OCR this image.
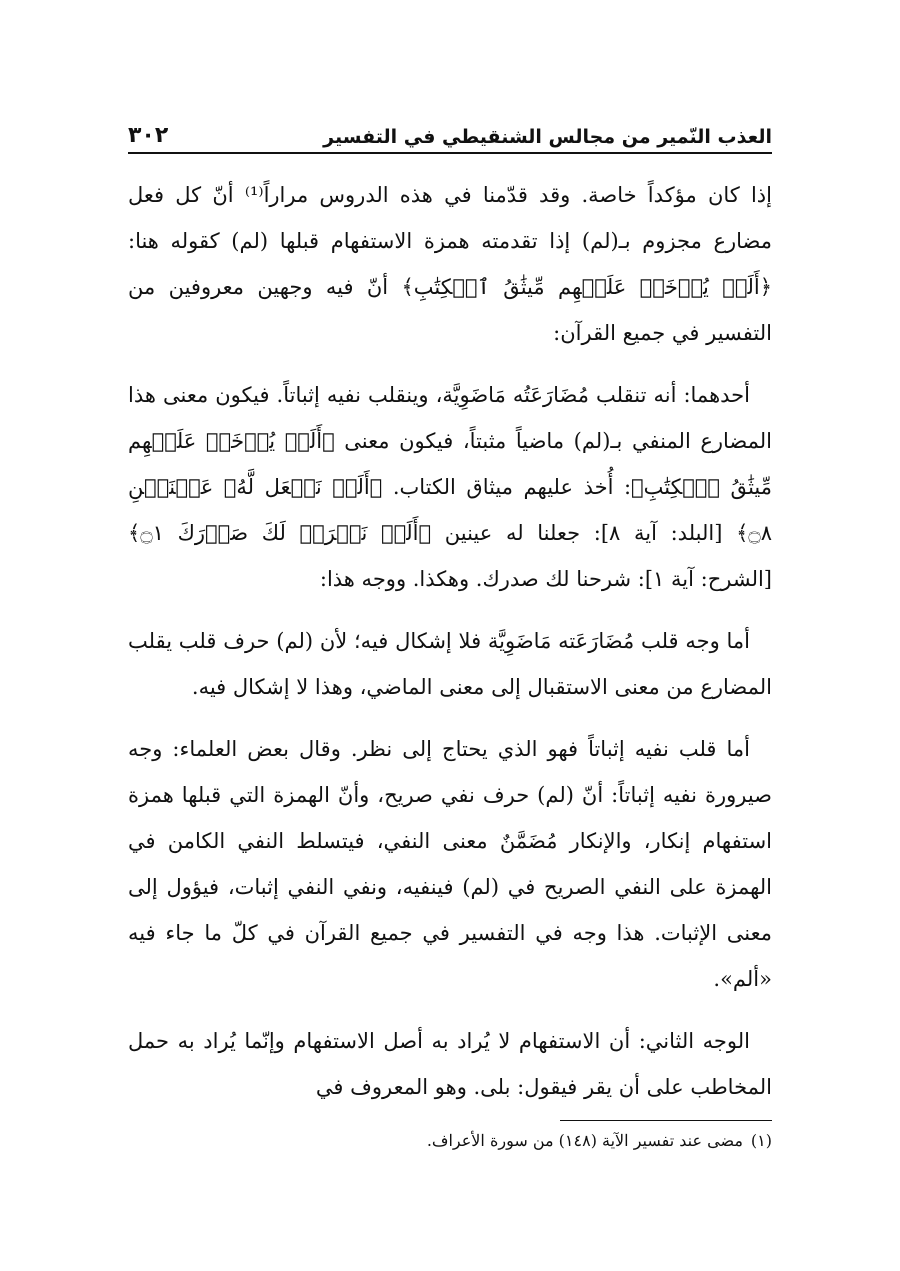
العذب النّمير من مجالس الشنقيطي في التفسير
٣٠٢

إذا كان مؤكداً خاصة. وقد قدّمنا في هذه الدروس مراراً⁽¹⁾ أنّ كل فعل مضارع مجزوم بـ(لم) إذا تقدمته همزة الاستفهام قبلها (لم) كقوله هنا: ﴿أَلَمۡ يُؤۡخَذۡ عَلَيۡهِم مِّيثَٰقُ ٱلۡكِتَٰبِ﴾ أنّ فيه وجهين معروفين من التفسير في جميع القرآن:

أحدهما: أنه تنقلب مُضَارَعَتُه مَاضَوِيَّة، وينقلب نفيه إثباتاً. فيكون معنى هذا المضارع المنفي بـ(لم) ماضياً مثبتاً، فيكون معنى ﴿أَلَمۡ يُؤۡخَذۡ عَلَيۡهِم مِّيثَٰقُ ٱلۡكِتَٰبِ﴾: أُخذ عليهم ميثاق الكتاب. ﴿أَلَمۡ نَجۡعَل لَّهُۥ عَيۡنَيۡنِ ۝٨﴾ [البلد: آية ٨]: جعلنا له عينين ﴿أَلَمۡ نَشۡرَحۡ لَكَ صَدۡرَكَ ۝١﴾ [الشرح: آية ١]: شرحنا لك صدرك. وهكذا. ووجه هذا:

أما وجه قلب مُضَارَعَته مَاضَوِيَّة فلا إشكال فيه؛ لأن (لم) حرف قلب يقلب المضارع من معنى الاستقبال إلى معنى الماضي، وهذا لا إشكال فيه.

أما قلب نفيه إثباتاً فهو الذي يحتاج إلى نظر. وقال بعض العلماء: وجه صيرورة نفيه إثباتاً: أنّ (لم) حرف نفي صريح، وأنّ الهمزة التي قبلها همزة استفهام إنكار، والإنكار مُضَمَّنٌ معنى النفي، فيتسلط النفي الكامن في الهمزة على النفي الصريح في (لم) فينفيه، ونفي النفي إثبات، فيؤول إلى معنى الإثبات. هذا وجه في التفسير في جميع القرآن في كلّ ما جاء فيه «ألم».

الوجه الثاني: أن الاستفهام لا يُراد به أصل الاستفهام وإنّما يُراد به حمل المخاطب على أن يقر فيقول: بلى. وهو المعروف في

(١)مضى عند تفسير الآية (١٤٨) من سورة الأعراف.
